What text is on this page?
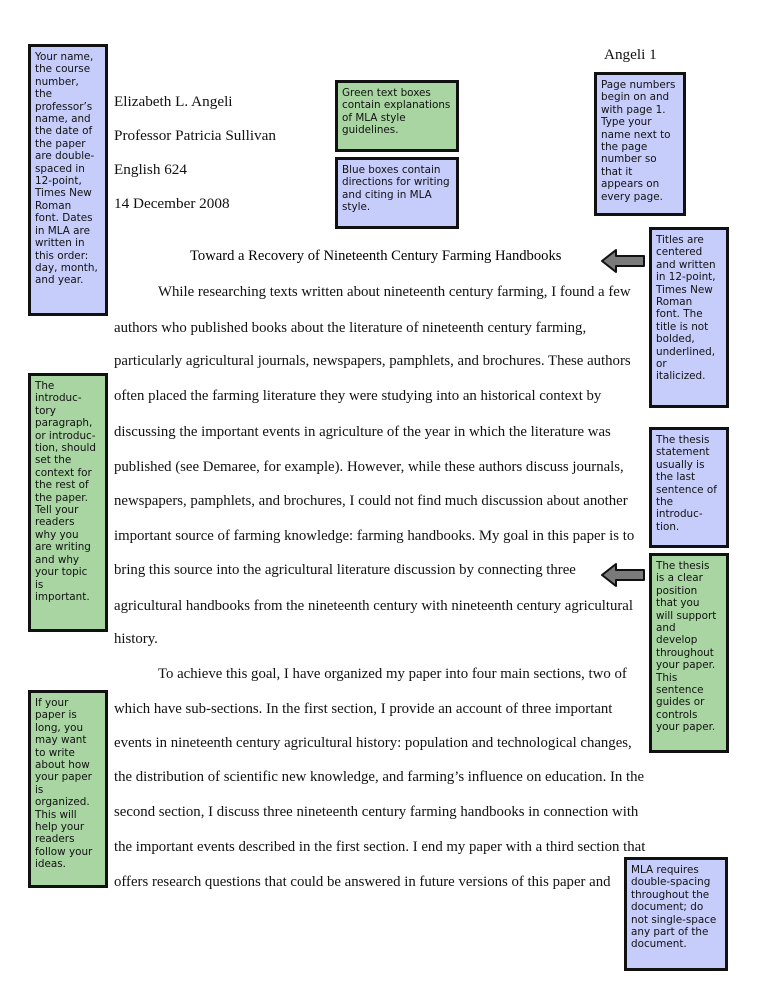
Angeli 1
Elizabeth L. Angeli
Professor Patricia Sullivan
English 624
14 December 2008
Toward a Recovery of Nineteenth Century Farming Handbooks
While researching texts written about nineteenth century farming, I found a few
authors who published books about the literature of nineteenth century farming,
particularly agricultural journals, newspapers, pamphlets, and brochures. These authors
often placed the farming literature they were studying into an historical context by
discussing the important events in agriculture of the year in which the literature was
published (see Demaree, for example). However, while these authors discuss journals,
newspapers, pamphlets, and brochures, I could not find much discussion about another
important source of farming knowledge: farming handbooks. My goal in this paper is to
bring this source into the agricultural literature discussion by connecting three
agricultural handbooks from the nineteenth century with nineteenth century agricultural
history.
To achieve this goal, I have organized my paper into four main sections, two of
which have sub-sections. In the first section, I provide an account of three important
events in nineteenth century agricultural history: population and technological changes,
the distribution of scientific new knowledge, and farming’s influence on education. In the
second section, I discuss three nineteenth century farming handbooks in connection with
the important events described in the first section. I end my paper with a third section that
offers research questions that could be answered in future versions of this paper and
Your name,
the course
number,
the
professor’s
name, and
the date of
the paper
are double-
spaced in
12-point,
Times New
Roman
font. Dates
in MLA are
written in
this order:
day, month,
and year.
Green text boxes
contain explanations
of MLA style
guidelines.
Blue boxes contain
directions for writing
and citing in MLA
style.
Page numbers
begin on and
with page 1.
Type your
name next to
the page
number so
that it
appears on
every page.
Titles are
centered
and written
in 12-point,
Times New
Roman
font. The
title is not
bolded,
underlined,
or
italicized.
The
introduc-
tory
paragraph,
or introduc-
tion, should
set the
context for
the rest of
the paper.
Tell your
readers
why you
are writing
and why
your topic
is
important.
The thesis
statement
usually is
the last
sentence of
the
introduc-
tion.
The thesis
is a clear
position
that you
will support
and
develop
throughout
your paper.
This
sentence
guides or
controls
your paper.
If your
paper is
long, you
may want
to write
about how
your paper
is
organized.
This will
help your
readers
follow your
ideas.	MLA requires
double-spacing
throughout the
document; do
not single-space
any part of the
document.
